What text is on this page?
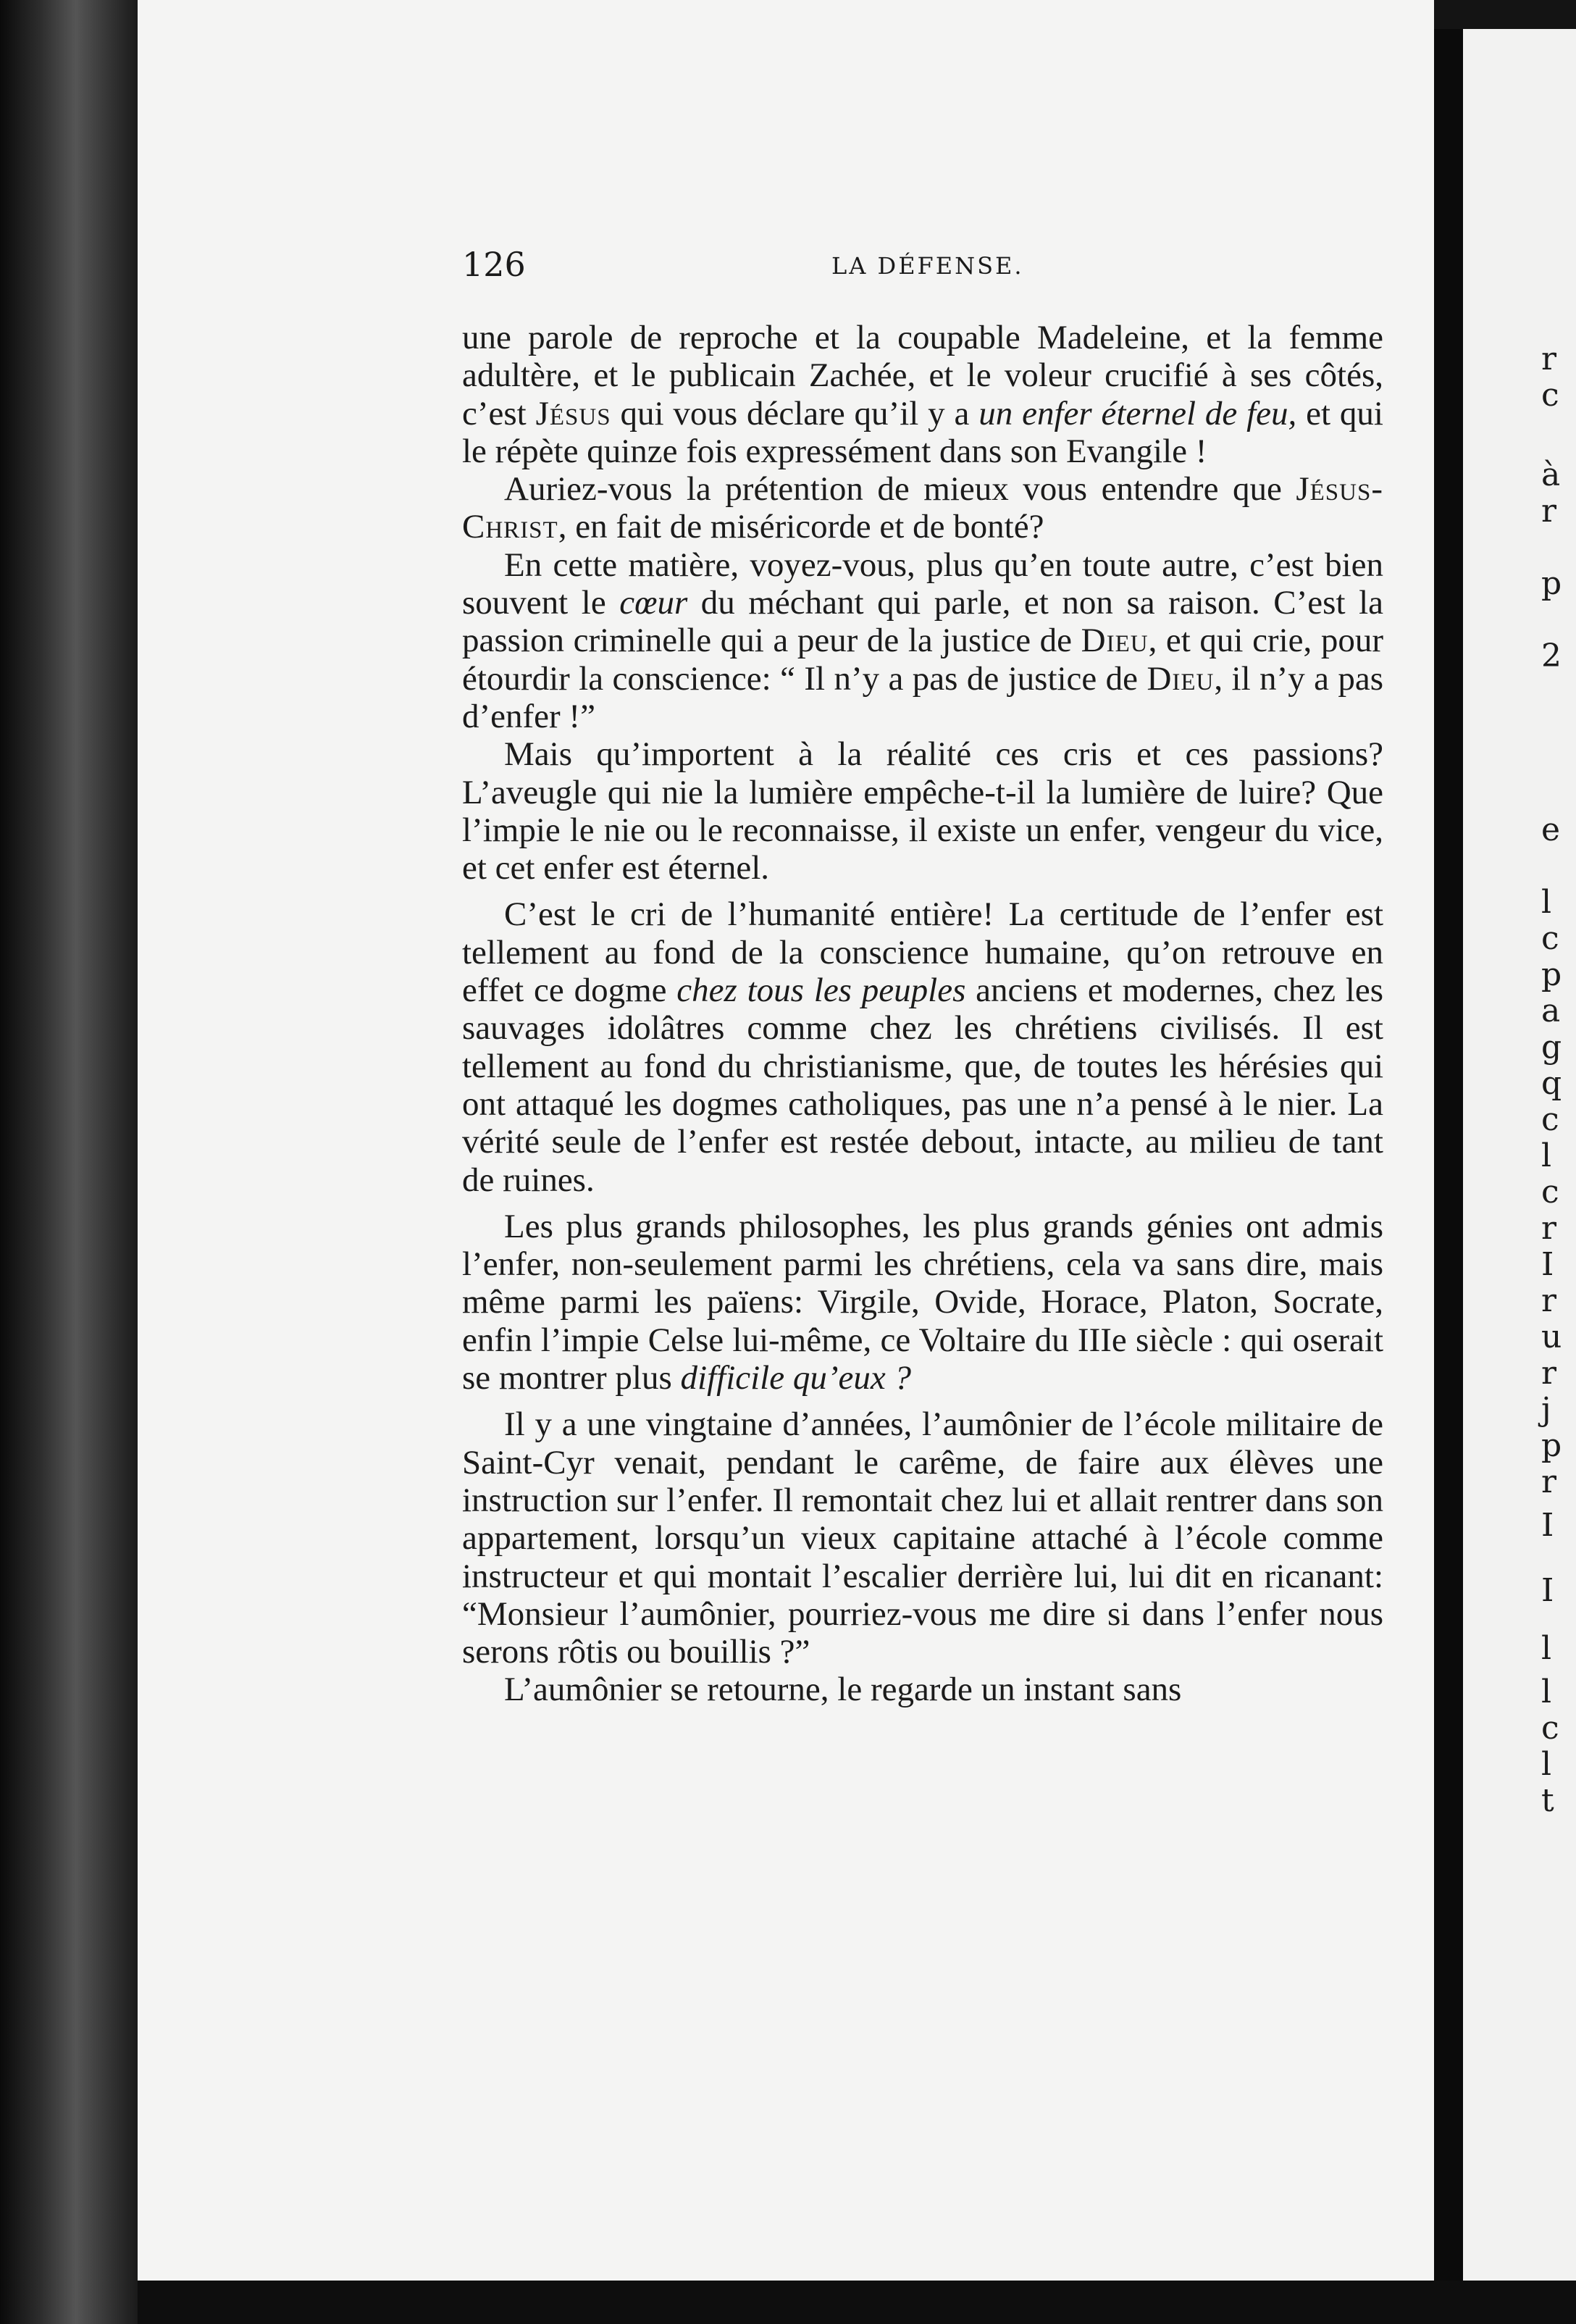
r
c
à
r
p
2
e
l
c
p
a
g
q
c
l
c
r
I
r
u
r
j
p
r
I
I
l
l
c
l
t
126	LA DÉFENSE.

une parole de reproche et la coupable Madeleine, et la femme adultère, et le publicain Zachée, et le voleur crucifié à ses côtés, c’est Jésus qui vous déclare qu’il y a un enfer éternel de feu, et qui le répète quinze fois expressément dans son Evangile !

Auriez-vous la prétention de mieux vous entendre que Jésus-Christ, en fait de miséricorde et de bonté?

En cette matière, voyez-vous, plus qu’en toute autre, c’est bien souvent le cœur du méchant qui parle, et non sa raison. C’est la passion criminelle qui a peur de la justice de Dieu, et qui crie, pour étourdir la conscience: “ Il n’y a pas de justice de Dieu, il n’y a pas d’enfer !”

Mais qu’importent à la réalité ces cris et ces passions? L’aveugle qui nie la lumière empêche-t-il la lumière de luire? Que l’impie le nie ou le reconnaisse, il existe un enfer, vengeur du vice, et cet enfer est éternel.

C’est le cri de l’humanité entière! La certitude de l’enfer est tellement au fond de la conscience humaine, qu’on retrouve en effet ce dogme chez tous les peuples anciens et modernes, chez les sauvages idolâtres comme chez les chrétiens civilisés. Il est tellement au fond du christianisme, que, de toutes les hérésies qui ont attaqué les dogmes catholiques, pas une n’a pensé à le nier. La vérité seule de l’enfer est restée debout, intacte, au milieu de tant de ruines.

Les plus grands philosophes, les plus grands génies ont admis l’enfer, non-seulement parmi les chrétiens, cela va sans dire, mais même parmi les païens: Virgile, Ovide, Horace, Platon, Socrate, enfin l’impie Celse lui-même, ce Voltaire du IIIe siècle : qui oserait se montrer plus difficile qu’eux ?

Il y a une vingtaine d’années, l’aumônier de l’école militaire de Saint-Cyr venait, pendant le carême, de faire aux élèves une instruction sur l’enfer. Il remontait chez lui et allait rentrer dans son appartement, lorsqu’un vieux capitaine attaché à l’école comme instructeur et qui montait l’escalier derrière lui, lui dit en ricanant: “Monsieur l’aumônier, pourriez-vous me dire si dans l’enfer nous serons rôtis ou bouillis ?”

L’aumônier se retourne, le regarde un instant sans
